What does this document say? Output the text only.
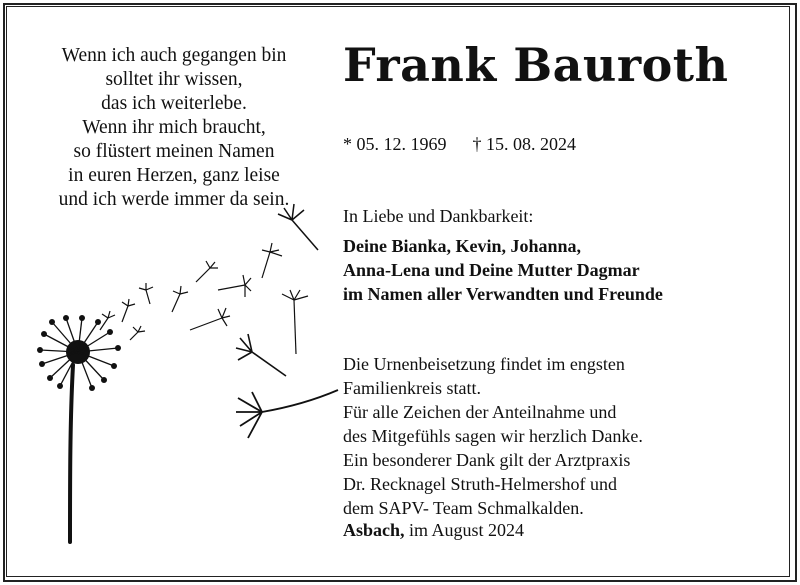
Wenn ich auch gegangen bin
solltet ihr wissen,
das ich weiterlebe.
Wenn ihr mich braucht,
so flüstert meinen Namen
in euren Herzen, ganz leise
und ich werde immer da sein.
Frank Bauroth
* 05. 12. 1969 † 15. 08. 2024
In Liebe und Dankbarkeit:
Deine Bianka, Kevin, Johanna,
Anna-Lena und Deine Mutter Dagmar
im Namen aller Verwandten und Freunde
Die Urnenbeisetzung findet im engsten
Familienkreis statt.
Für alle Zeichen der Anteilnahme und
des Mitgefühls sagen wir herzlich Danke.
Ein besonderer Dank gilt der Arztpraxis
Dr. Recknagel Struth-Helmershof und
dem SAPV- Team Schmalkalden.
Asbach, im August 2024
